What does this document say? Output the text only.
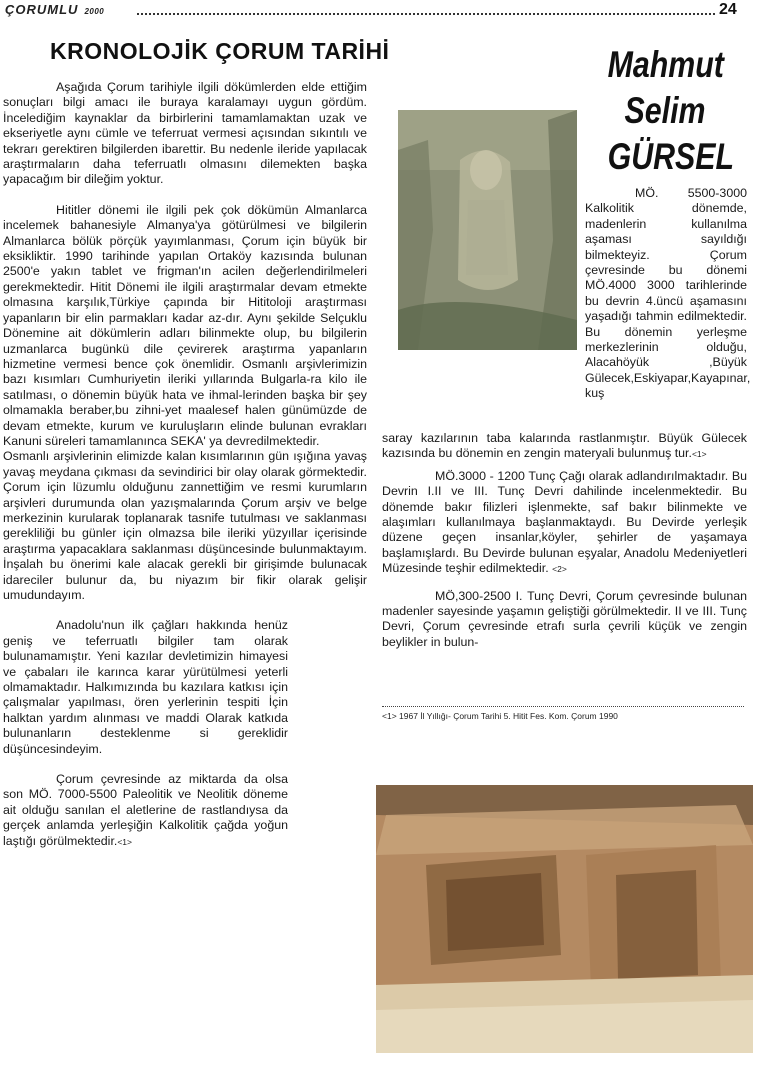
ÇORUMLU 2000	24
KRONOLOJİK ÇORUM TARİHİ	Mahmut
Selim
GÜRSEL

Aşağıda Çorum tarihiyle ilgili dökümlerden elde ettiğim sonuçları bilgi amacı ile buraya karalamayı uygun gördüm. İncelediğim kaynaklar da birbirlerini tamamlamaktan uzak ve ekseriyetle aynı cümle ve teferruat vermesi açısından sıkıntılı ve tekrarı gerektiren bilgilerden ibarettir. Bu nedenle ileride yapılacak araştırmaların daha teferruatlı olmasını dilemekten başka yapacağım bir dileğim yoktur.

Hititler dönemi ile ilgili pek çok dökümün Almanlarca incelemek bahanesiyle Almanya'ya götürülmesi ve bilgilerin Almanlarca bölük pörçük yayımlanması, Çorum için büyük bir eksikliktir. 1990 tarihinde yapılan Ortaköy kazısında bulunan 2500'e yakın tablet ve frigman'ın acilen değerlendirilmeleri gerekmektedir. Hitit Dönemi ile ilgili araştırmalar devam etmekte olmasına karşılık,Türkiye çapında bir Hititoloji araştırması yapanların bir elin parmakları kadar az-dır. Aynı şekilde Selçuklu Dönemine ait dökümlerin adları bilinmekte olup, bu bilgilerin uzmanlarca bugünkü dile çevirerek araştırma yapanların hizmetine vermesi bence çok önemlidir. Osmanlı arşivlerimizin bazı kısımları Cumhuriyetin ileriki yıllarında Bulgarla-ra kilo ile satılması, o dönemin büyük hata ve ihmal-lerinden başka bir şey olmamakla beraber,bu zihni-yet maalesef halen günümüzde de devam etmekte, kurum ve kuruluşların elinde bulunan evrakları Kanuni süreleri tamamlanınca SEKA' ya devredilmektedir.

Osmanlı arşivlerinin elimizde kalan kısımlarının gün ışığına yavaş yavaş meydana çıkması da sevindirici bir olay olarak görmektedir. Çorum için lüzumlu olduğunu zannettiğim ve resmi kurumların arşivleri durumunda olan yazışmalarında Çorum arşiv ve belge merkezinin kurularak toplanarak tasnife tutulması ve saklanması gerekliliği bu günler için olmazsa bile ileriki yüzyıllar içerisinde araştırma yapacaklara saklanması düşüncesinde bulunmaktayım. İnşalah bu önerimi kale alacak gerekli bir girişimde bulunacak idareciler bulunur da, bu niyazım bir fikir olarak gelişir umudundayım.

Anadolu'nun ilk çağları hakkında henüz geniş ve teferruatlı bilgiler tam olarak bulunamamıştır. Yeni kazılar devletimizin himayesi ve çabaları ile karınca karar yürütülmesi yeterli olmamaktadır. Halkımızında bu kazılara katkısı için çalışmalar yapılması, ören yerlerinin tespiti İçin halktan yardım alınması ve maddi Olarak katkıda bulunanların desteklenme si gereklidir düşüncesindeyim.

Çorum çevresinde az miktarda da olsa son MÖ. 7000-5500 Paleolitik ve Neolitik döneme ait olduğu sanılan el aletlerine de rastlandıysa da gerçek anlamda yerleşiğin Kalkolitik çağda yoğun laştığı görülmektedir.<1>

MÖ. 5500-3000 Kalkolitik dönemde, madenlerin kullanılma aşaması sayıldığı bilmekteyiz. Çorum çevresinde bu dönemi MÖ.4000 3000 tarihlerinde bu devrin 4.üncü aşamasını yaşadığı tahmin edilmektedir. Bu dönemin yerleşme merkezlerinin olduğu, Alacahöyük ,Büyük Gülecek,Eskiyapar,Kayapınar, kuş

saray kazılarının taba kalarında rastlanmıştır. Büyük Gülecek kazısında bu dönemin en zengin materyali bulunmuş tur.<1>

MÖ.3000 - 1200 Tunç Çağı olarak adlandırılmaktadır. Bu Devrin I.II ve III. Tunç Devri dahilinde incelenmektedir. Bu dönemde bakır filizleri işlenmekte, saf bakır bilinmekte ve alaşımları kullanılmaya başlanmaktaydı. Bu Devirde yerleşik düzene geçen insanlar,köyler, şehirler de yaşamaya başlamışlardı. Bu Devirde bulunan eşyalar, Anadolu Medeniyetleri Müzesinde teşhir edilmektedir. <2>

MÖ,300-2500 I. Tunç Devri, Çorum çevresinde bulunan madenler sayesinde yaşamın geliştiği görülmektedir. II ve III. Tunç Devri, Çorum çevresinde etrafı surla çevrili küçük ve zengin beylikler in bulun-

<1> 1967 İl Yıllığı- Çorum Tarihi 5. Hitit Fes. Kom. Çorum 1990
